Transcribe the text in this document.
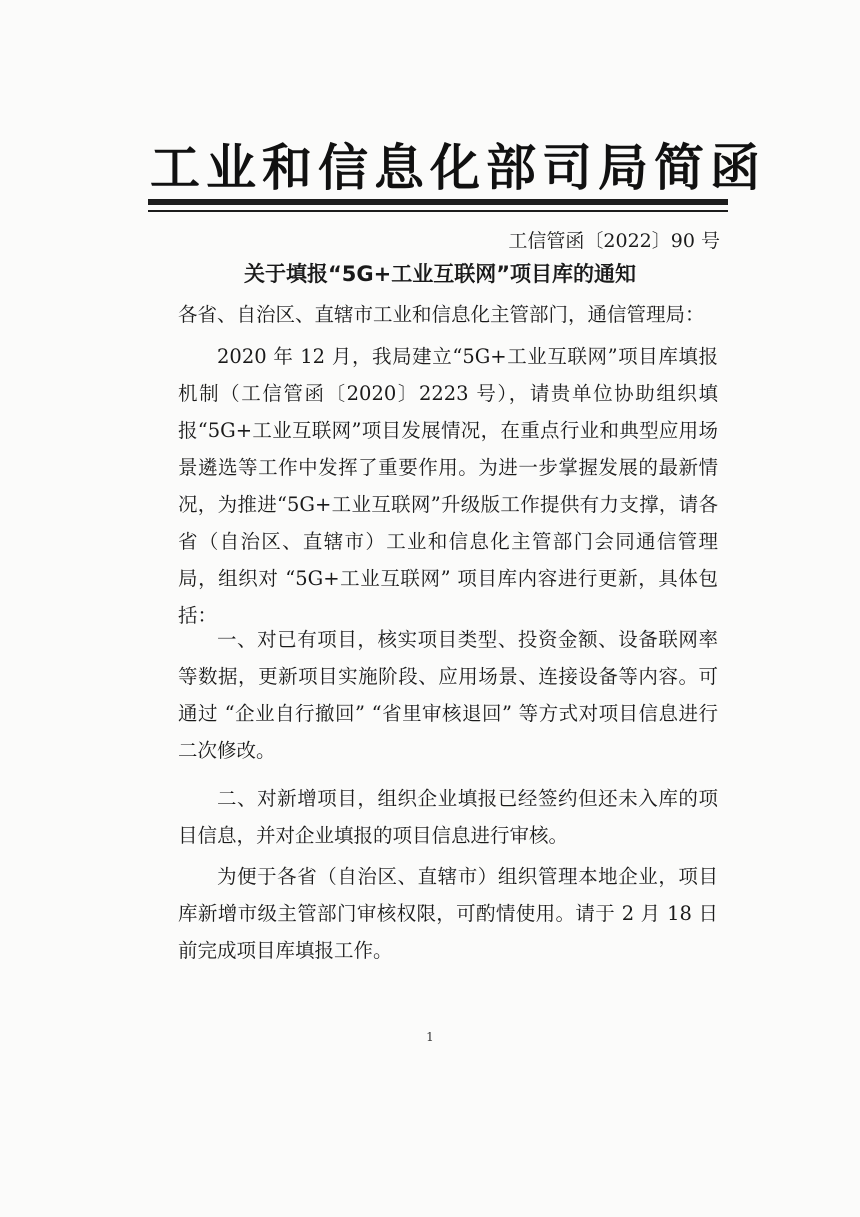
工业和信息化部司局简函
工信管函〔2022〕90 号
关于填报“5G+工业互联网”项目库的通知

各省、自治区、直辖市工业和信息化主管部门，通信管理局：

2020 年 12 月，我局建立“5G+工业互联网”项目库填报机制（工信管函〔2020〕2223 号），请贵单位协助组织填报“5G+工业互联网”项目发展情况，在重点行业和典型应用场景遴选等工作中发挥了重要作用。为进一步掌握发展的最新情况，为推进“5G+工业互联网”升级版工作提供有力支撑，请各省（自治区、直辖市）工业和信息化主管部门会同通信管理局，组织对 “5G+工业互联网” 项目库内容进行更新，具体包括：

一、对已有项目，核实项目类型、投资金额、设备联网率等数据，更新项目实施阶段、应用场景、连接设备等内容。可通过 “企业自行撤回” “省里审核退回” 等方式对项目信息进行二次修改。

二、对新增项目，组织企业填报已经签约但还未入库的项目信息，并对企业填报的项目信息进行审核。

为便于各省（自治区、直辖市）组织管理本地企业，项目库新增市级主管部门审核权限，可酌情使用。请于 2 月 18 日前完成项目库填报工作。

1
